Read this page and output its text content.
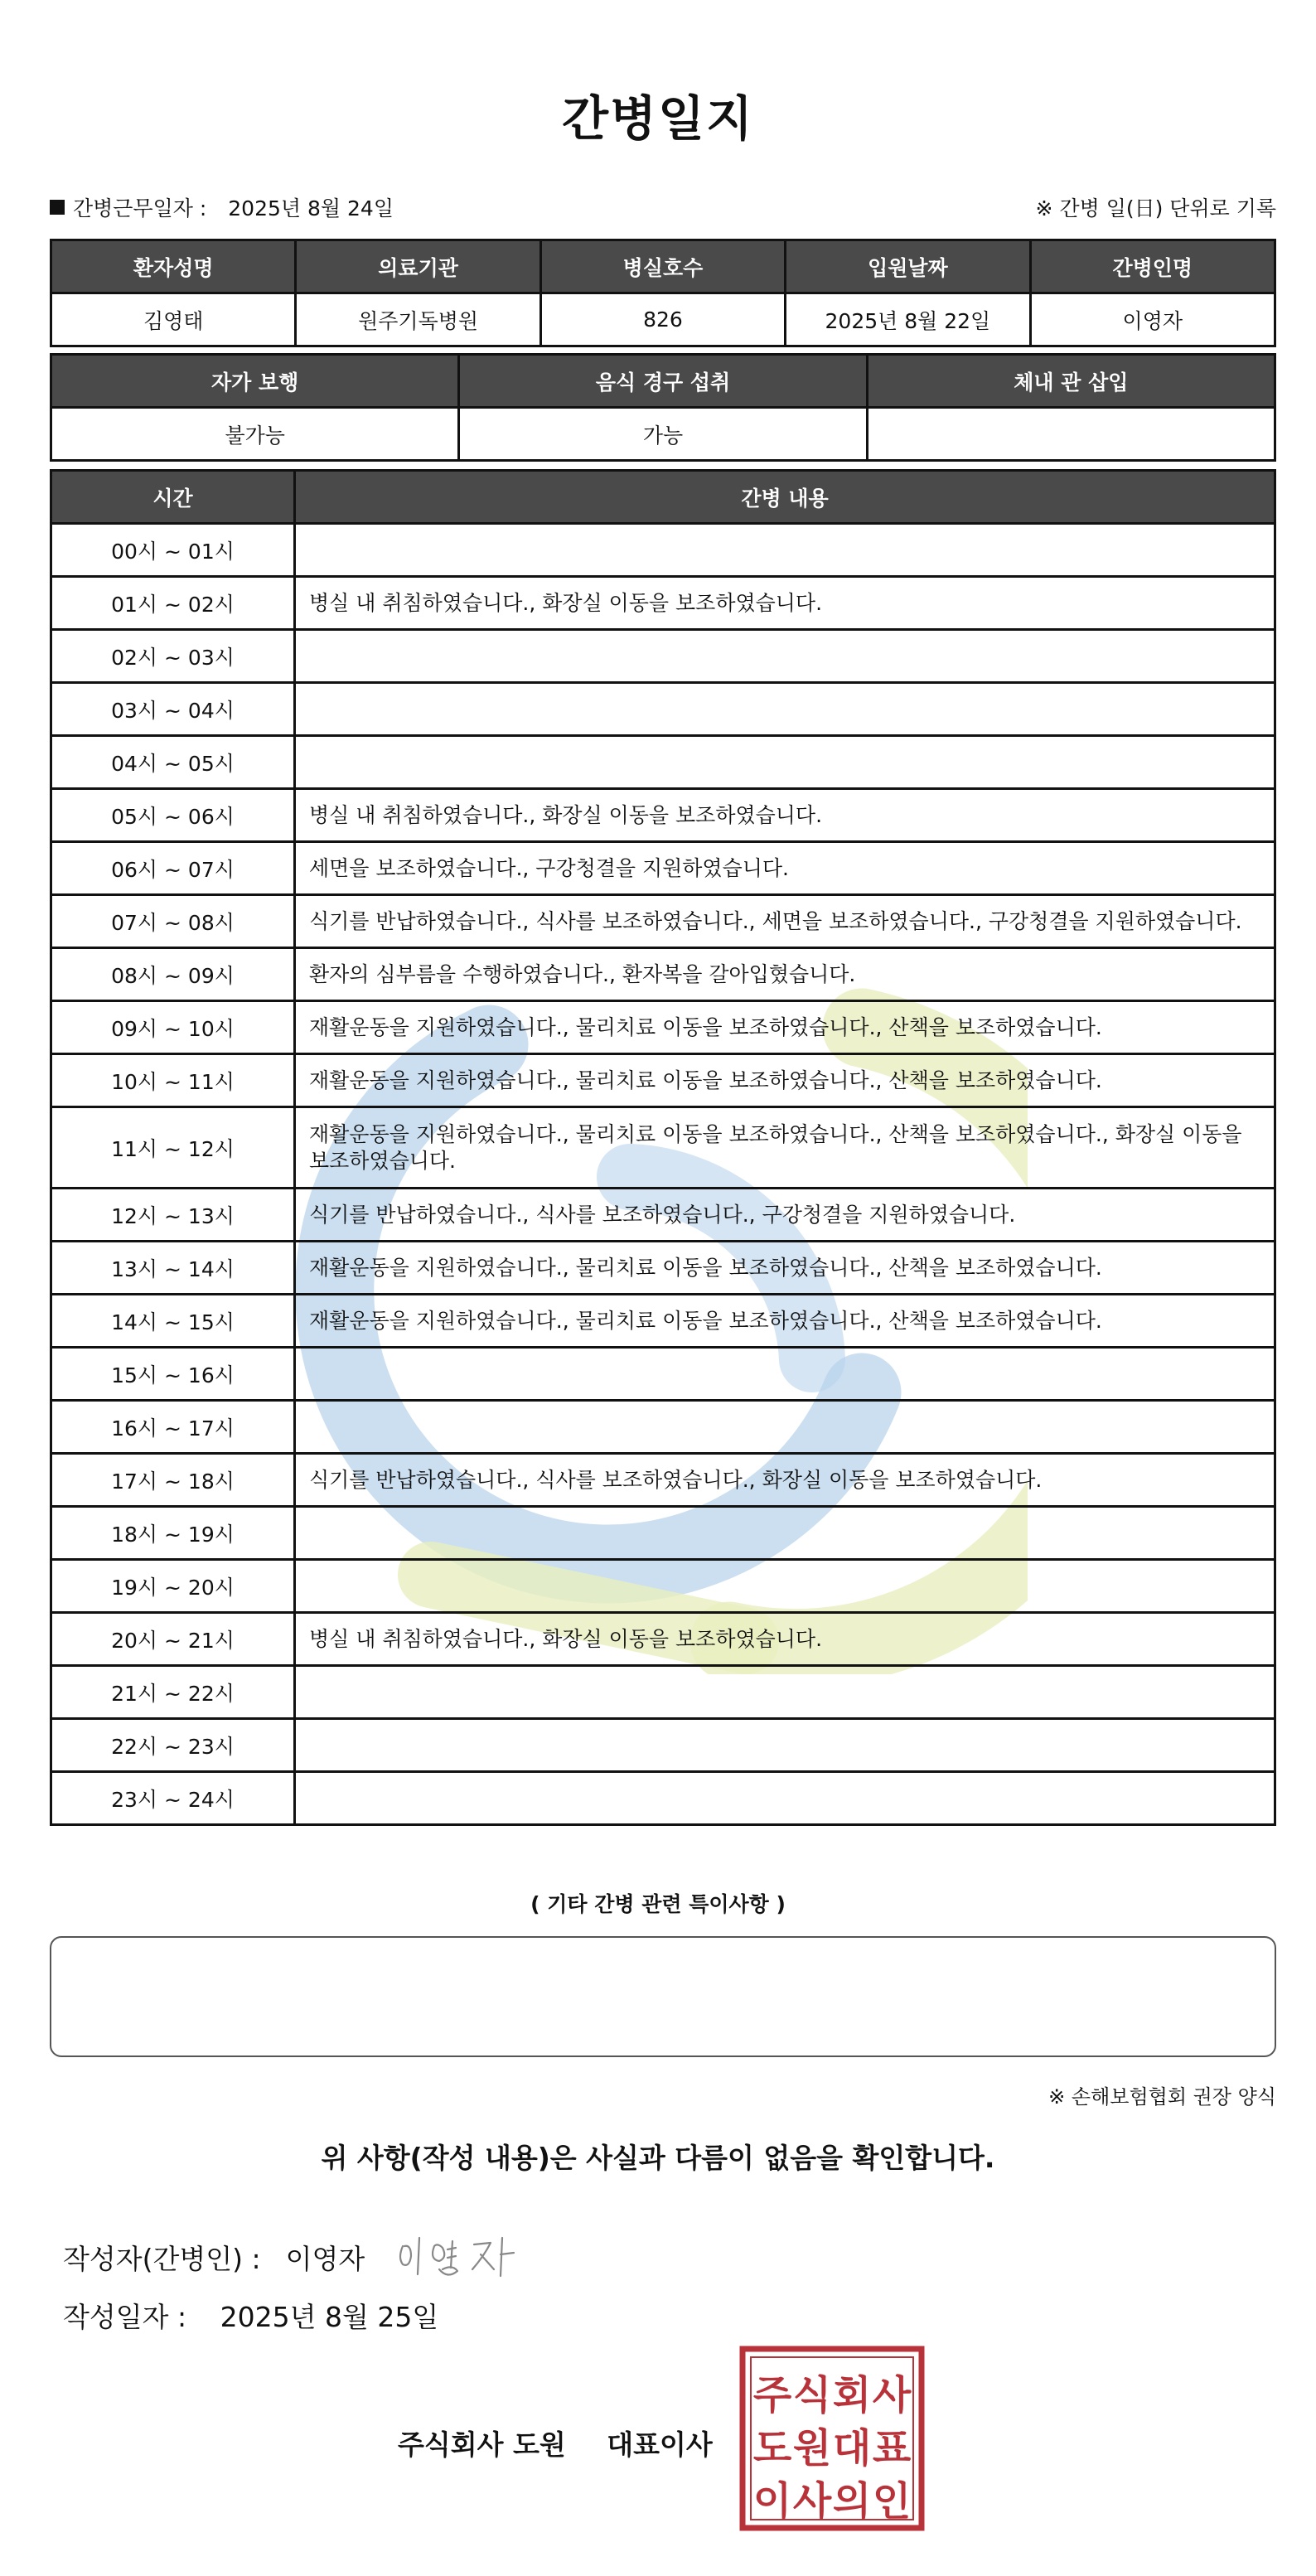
간병일지
간병근무일자 : 2025년 8월 24일	※ 간병 일(日) 단위로 기록
환자성명	의료기관	병실호수	입원날짜	간병인명
김영태	원주기독병원	826	2025년 8월 22일	이영자
자가 보행	음식 경구 섭취	체내 관 삽입
불가능	가능	
시간	간병 내용
00시 ~ 01시	
01시 ~ 02시	병실 내 취침하였습니다., 화장실 이동을 보조하였습니다.
02시 ~ 03시	
03시 ~ 04시	
04시 ~ 05시	
05시 ~ 06시	병실 내 취침하였습니다., 화장실 이동을 보조하였습니다.
06시 ~ 07시	세면을 보조하였습니다., 구강청결을 지원하였습니다.
07시 ~ 08시	식기를 반납하였습니다., 식사를 보조하였습니다., 세면을 보조하였습니다., 구강청결을 지원하였습니다.
08시 ~ 09시	환자의 심부름을 수행하였습니다., 환자복을 갈아입혔습니다.
09시 ~ 10시	재활운동을 지원하였습니다., 물리치료 이동을 보조하였습니다., 산책을 보조하였습니다.
10시 ~ 11시	재활운동을 지원하였습니다., 물리치료 이동을 보조하였습니다., 산책을 보조하였습니다.
11시 ~ 12시	재활운동을 지원하였습니다., 물리치료 이동을 보조하였습니다., 산책을 보조하였습니다., 화장실 이동을 보조하였습니다.
12시 ~ 13시	식기를 반납하였습니다., 식사를 보조하였습니다., 구강청결을 지원하였습니다.
13시 ~ 14시	재활운동을 지원하였습니다., 물리치료 이동을 보조하였습니다., 산책을 보조하였습니다.
14시 ~ 15시	재활운동을 지원하였습니다., 물리치료 이동을 보조하였습니다., 산책을 보조하였습니다.
15시 ~ 16시	
16시 ~ 17시	
17시 ~ 18시	식기를 반납하였습니다., 식사를 보조하였습니다., 화장실 이동을 보조하였습니다.
18시 ~ 19시	
19시 ~ 20시	
20시 ~ 21시	병실 내 취침하였습니다., 화장실 이동을 보조하였습니다.
21시 ~ 22시	
22시 ~ 23시	
23시 ~ 24시	
( 기타 간병 관련 특이사항 )
※ 손해보험협회 권장 양식
위 사항(작성 내용)은 사실과 다름이 없음을 확인합니다.
작성자(간병인) : 이영자
작성일자 : 2025년 8월 25일
주식회사 도원 대표이사
주 식 회 사
도 원 대 표
이 사 의 인
